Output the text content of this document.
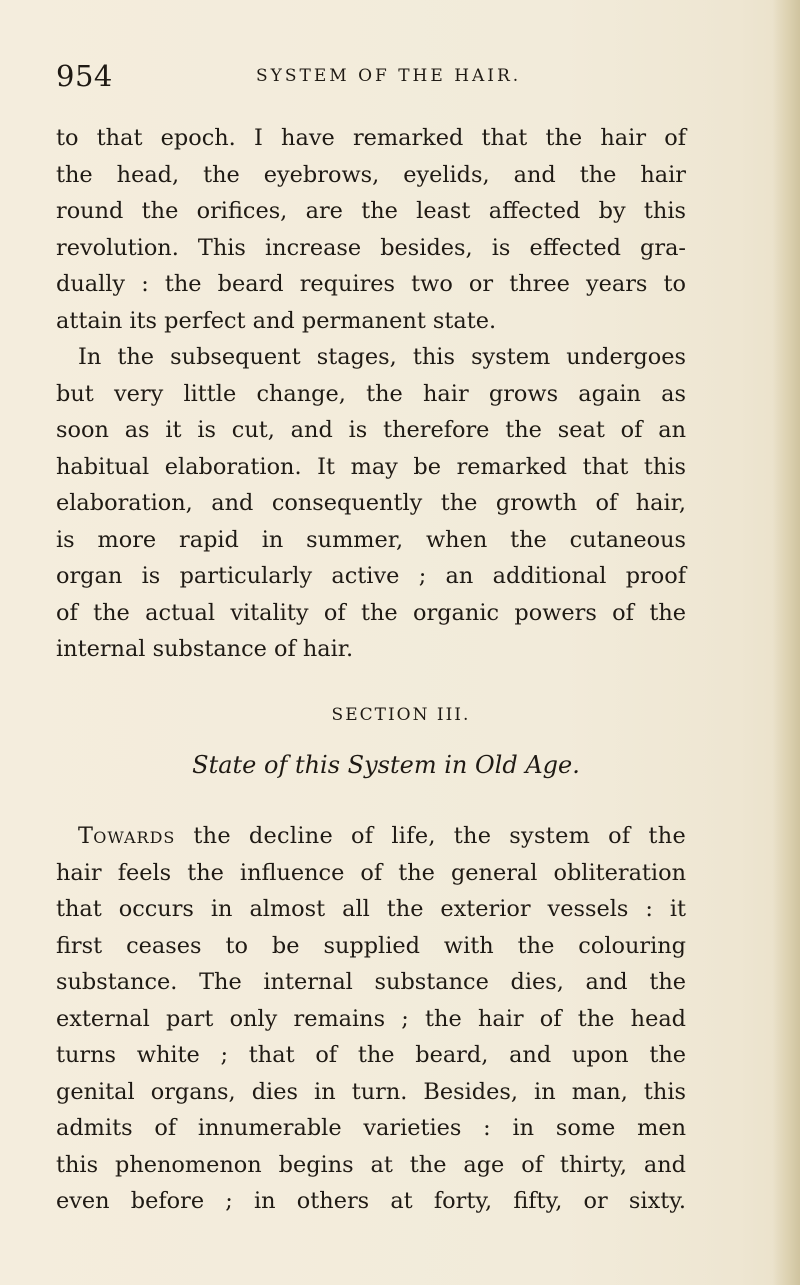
954	SYSTEM OF THE HAIR.
to that epoch. I have remarked that the hair of
the head, the eyebrows, eyelids, and the hair
round the orifices, are the least affected by this
revolution. This increase besides, is effected gra-
dually : the beard requires two or three years to
attain its perfect and permanent state.
In the subsequent stages, this system undergoes
but very little change, the hair grows again as
soon as it is cut, and is therefore the seat of an
habitual elaboration. It may be remarked that this
elaboration, and consequently the growth of hair,
is more rapid in summer, when the cutaneous
organ is particularly active ; an additional proof
of the actual vitality of the organic powers of the
internal substance of hair.
SECTION III.
State of this System in Old Age.
TOWARDS the decline of life, the system of the
hair feels the influence of the general obliteration
that occurs in almost all the exterior vessels : it
first ceases to be supplied with the colouring
substance. The internal substance dies, and the
external part only remains ; the hair of the head
turns white ; that of the beard, and upon the
genital organs, dies in turn. Besides, in man, this
admits of innumerable varieties : in some men
this phenomenon begins at the age of thirty, and
even before ; in others at forty, fifty, or sixty.
